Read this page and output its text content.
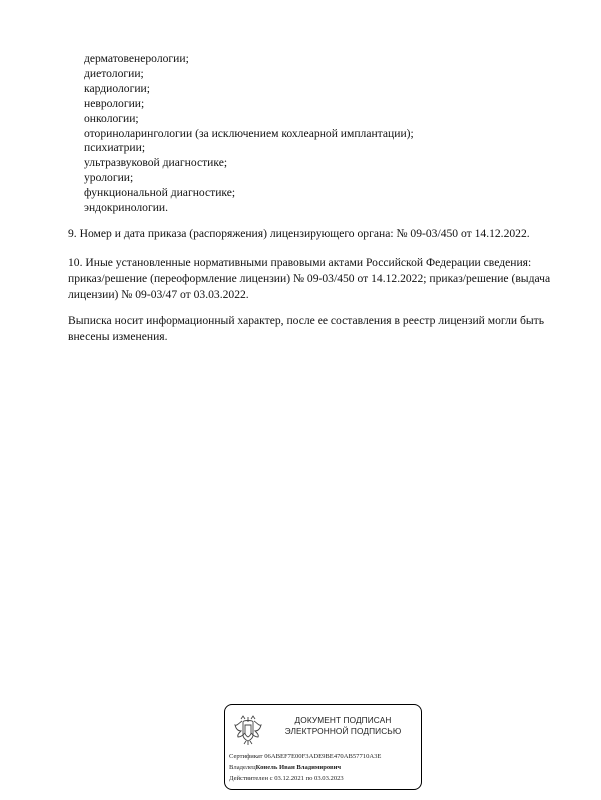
дерматовенерологии;
диетологии;
кардиологии;
неврологии;
онкологии;
оториноларингологии (за исключением кохлеарной имплантации);
психиатрии;
ультразвуковой диагностике;
урологии;
функциональной диагностике;
эндокринологии.

9. Номер и дата приказа (распоряжения) лицензирующего органа: № 09-03/450 от 14.12.2022.

10. Иные установленные нормативными правовыми актами Российской Федерации сведения: приказ/решение (переоформление лицензии) № 09-03/450 от 14.12.2022; приказ/решение (выдача лицензии) № 09-03/47 от 03.03.2022.

Выписка носит информационный характер, после ее составления в реестр лицензий могли быть внесены изменения.

ДОКУМЕНТ ПОДПИСАН
ЭЛЕКТРОННОЙ ПОДПИСЬЮ
Сертификат 06ABEF7E00F3ADE9BE470AB57710A3E
ВладелецКонель Иван Владимирович
Действителен с 03.12.2021 по 03.03.2023
